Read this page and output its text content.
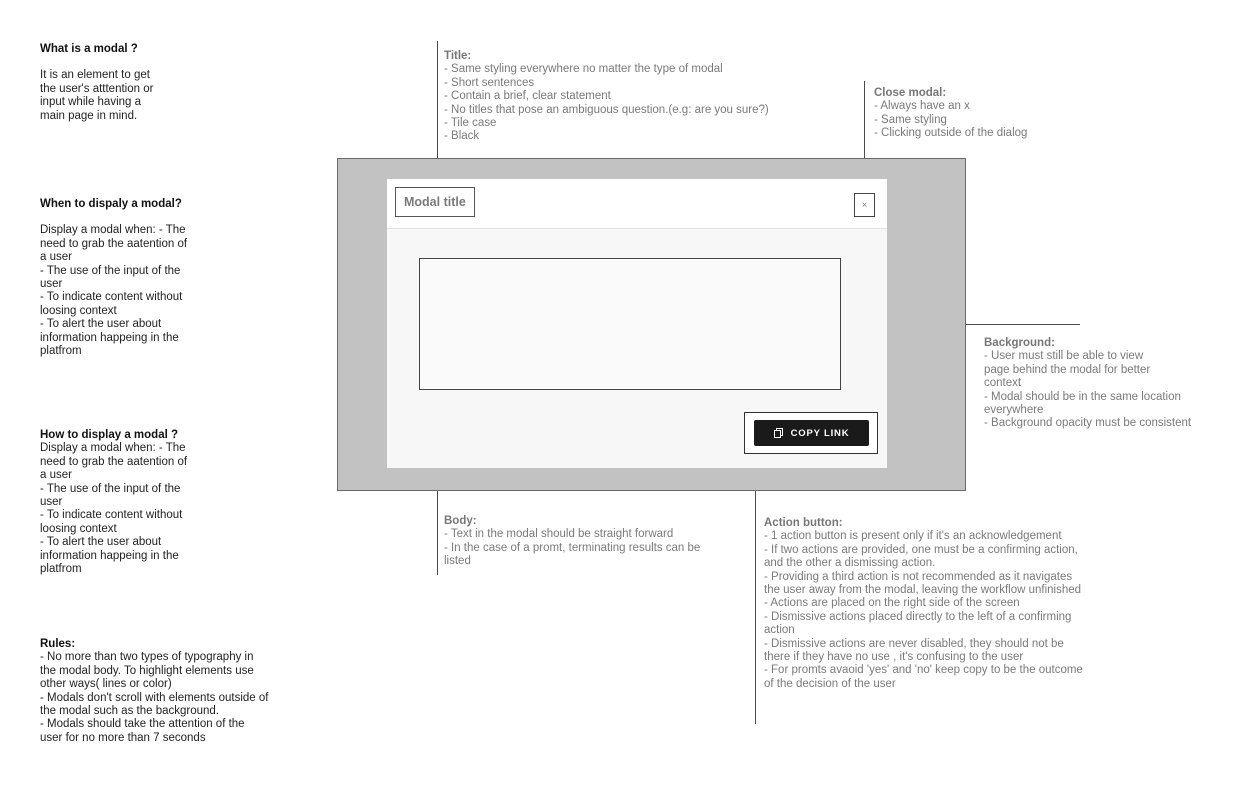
What is a modal ?

It is an element to get
the user's atttention or
input while having a
main page in mind.

When to dispaly a modal?

Display a modal when: - The
need to grab the aatention of
a user
- The use of the input of the
user
- To indicate content without
loosing context
- To alert the user about
information happeing in the
platfrom

How to display a modal ?

Display a modal when: - The
need to grab the aatention of
a user
- The use of the input of the
user
- To indicate content without
loosing context
- To alert the user about
information happeing in the
platfrom

Rules:

- No more than two types of typography in
the modal body. To highlight elements use
other ways( lines or color)
- Modals don't scroll with elements outside of
the modal such as the background.
- Modals should take the attention of the
user for no more than 7 seconds

Title:

- Same styling everywhere no matter the type of modal
- Short sentences
- Contain a brief, clear statement
- No titles that pose an ambiguous question.(e.g: are you sure?)
- Tile case
- Black

Close modal:

- Always have an x
- Same styling
- Clicking outside of the dialog

Background:

- User must still be able to view
page behind the modal for better
context
- Modal should be in the same location
everywhere
- Background opacity must be consistent

Body:

- Text in the modal should be straight forward
- In the case of a promt, terminating results can be
listed

Action button:

- 1 action button is present only if it's an acknowledgement
- If two actions are provided, one must be a confirming action,
and the other a dismissing action.
- Providing a third action is not recommended as it navigates
the user away from the modal, leaving the workflow unfinished
- Actions are placed on the right side of the screen
- Dismissive actions placed directly to the left of a confirming
action
- Dismissive actions are never disabled, they should not be
there if they have no use , it's confusing to the user
- For promts avaoid 'yes' and 'no' keep copy to be the outcome
of the decision of the user
Modal title	×
COPY LINK
